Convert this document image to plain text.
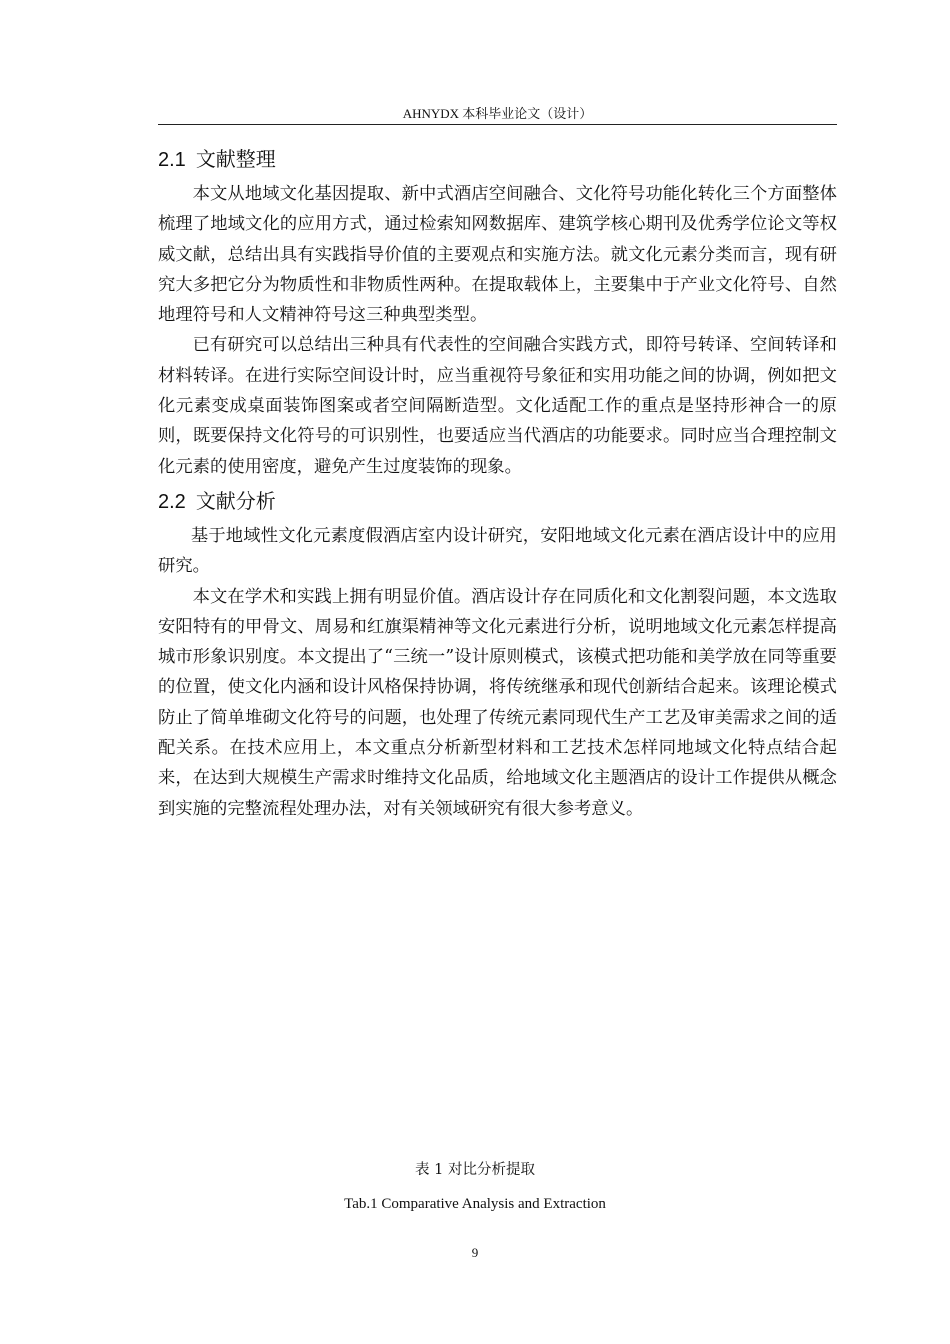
AHNYDX 本科毕业论文（设计）
2.1 文献整理

本文从地域文化基因提取、新中式酒店空间融合、文化符号功能化转化三个方面整体梳理了地域文化的应用方式，通过检索知网数据库、建筑学核心期刊及优秀学位论文等权威文献，总结出具有实践指导价值的主要观点和实施方法。就文化元素分类而言，现有研究大多把它分为物质性和非物质性两种。在提取载体上，主要集中于产业文化符号、自然地理符号和人文精神符号这三种典型类型。

已有研究可以总结出三种具有代表性的空间融合实践方式，即符号转译、空间转译和材料转译。在进行实际空间设计时，应当重视符号象征和实用功能之间的协调，例如把文化元素变成桌面装饰图案或者空间隔断造型。文化适配工作的重点是坚持形神合一的原则，既要保持文化符号的可识别性，也要适应当代酒店的功能要求。同时应当合理控制文化元素的使用密度，避免产生过度装饰的现象。

2.2 文献分析

基于地域性文化元素度假酒店室内设计研究，安阳地域文化元素在酒店设计中的应用研究。

本文在学术和实践上拥有明显价值。酒店设计存在同质化和文化割裂问题，本文选取安阳特有的甲骨文、周易和红旗渠精神等文化元素进行分析，说明地域文化元素怎样提高城市形象识别度。本文提出了“三统一”设计原则模式，该模式把功能和美学放在同等重要的位置，使文化内涵和设计风格保持协调，将传统继承和现代创新结合起来。该理论模式防止了简单堆砌文化符号的问题，也处理了传统元素同现代生产工艺及审美需求之间的适配关系。在技术应用上，本文重点分析新型材料和工艺技术怎样同地域文化特点结合起来，在达到大规模生产需求时维持文化品质，给地域文化主题酒店的设计工作提供从概念到实施的完整流程处理办法，对有关领域研究有很大参考意义。

表 1 对比分析提取
Tab.1 Comparative Analysis and Extraction
9
